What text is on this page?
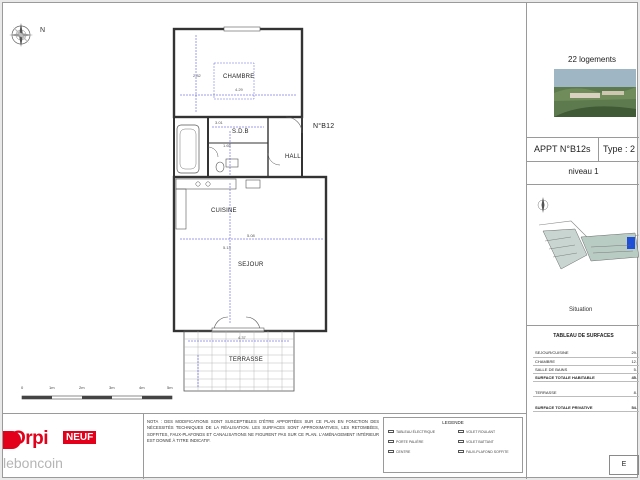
N
CHAMBRE
S.D.B
HALL
CUISINE
SEJOUR
TERRASSE
N°B12
4.29
2.82
3.01
1.65
5.08
5.13
4.37
0	1m	2m	3m	4m	5m
22 logements
APPT N°B12s	Type : 2
niveau 1
Situation
TABLEAU DE SURFACES
SEJOUR/CUISINE	29.
CHAMBRE	12.
SALLE DE BAINS	5.
SURFACE TOTALE HABITABLE	45.
TERRASSE	8.
SURFACE TOTALE PRIVATIVE	54.
Orpi	NEUF
leboncoin
NOTA : DES MODIFICATIONS SONT SUSCEPTIBLES D'ÊTRE APPORTÉES SUR CE PLAN EN FONCTION DES NÉCESSITÉS TECHNIQUES DE LA RÉALISATION. LES SURFACES SONT APPROXIMATIVES, LES RETOMBÉES, SOFFITES, FAUX-PLAFONDS ET CANALISATIONS NE FIGURENT PAS SUR CE PLAN. L'AMÉNAGEMENT INTÉRIEUR EST DONNÉ À TITRE INDICATIF.
LEGENDE
TABLEAU ÉLECTRIQUE
PORTE PALIÈRE
CENTRE
VOLET ROULANT
VOLET BATTANT
FAUX-PLAFOND SOFFITE
E
